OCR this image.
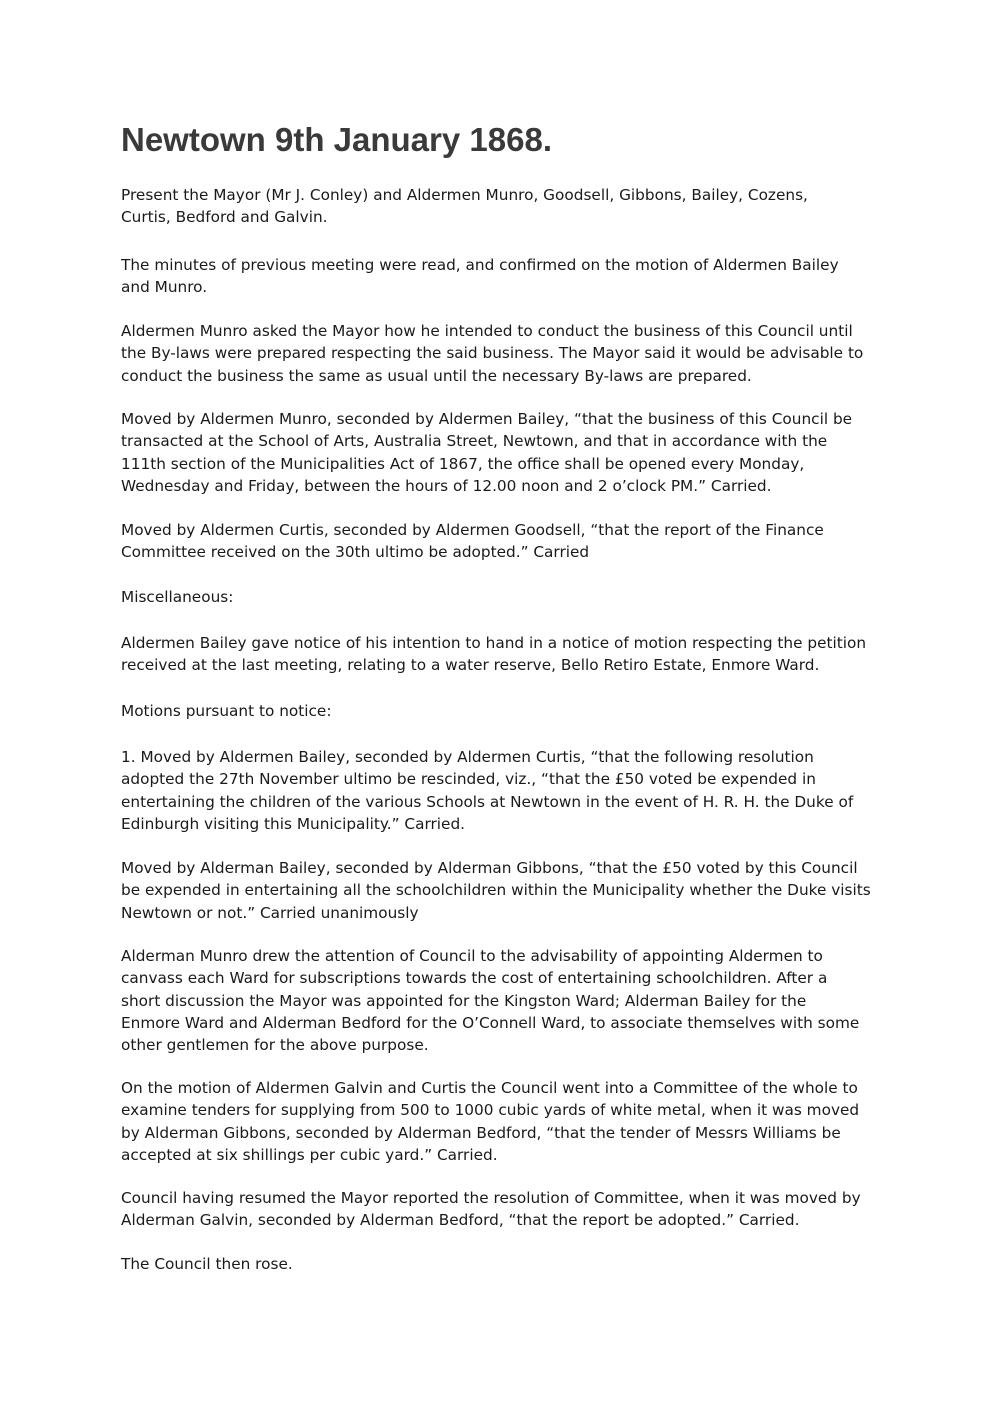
Newtown 9th January 1868.

Present the Mayor (Mr J. Conley) and Aldermen Munro, Goodsell, Gibbons, Bailey, Cozens,
Curtis, Bedford and Galvin.

The minutes of previous meeting were read, and confirmed on the motion of Aldermen Bailey
and Munro.

Aldermen Munro asked the Mayor how he intended to conduct the business of this Council until
the By-laws were prepared respecting the said business. The Mayor said it would be advisable to
conduct the business the same as usual until the necessary By-laws are prepared.

Moved by Aldermen Munro, seconded by Aldermen Bailey, “that the business of this Council be
transacted at the School of Arts, Australia Street, Newtown, and that in accordance with the
111th section of the Municipalities Act of 1867, the office shall be opened every Monday,
Wednesday and Friday, between the hours of 12.00 noon and 2 o’clock PM.” Carried.

Moved by Aldermen Curtis, seconded by Aldermen Goodsell, “that the report of the Finance
Committee received on the 30th ultimo be adopted.” Carried

Miscellaneous:

Aldermen Bailey gave notice of his intention to hand in a notice of motion respecting the petition
received at the last meeting, relating to a water reserve, Bello Retiro Estate, Enmore Ward.

Motions pursuant to notice:

1. Moved by Aldermen Bailey, seconded by Aldermen Curtis, “that the following resolution
adopted the 27th November ultimo be rescinded, viz., “that the £50 voted be expended in
entertaining the children of the various Schools at Newtown in the event of H. R. H. the Duke of
Edinburgh visiting this Municipality.” Carried.

Moved by Alderman Bailey, seconded by Alderman Gibbons, “that the £50 voted by this Council
be expended in entertaining all the schoolchildren within the Municipality whether the Duke visits
Newtown or not.” Carried unanimously

Alderman Munro drew the attention of Council to the advisability of appointing Aldermen to
canvass each Ward for subscriptions towards the cost of entertaining schoolchildren. After a
short discussion the Mayor was appointed for the Kingston Ward; Alderman Bailey for the
Enmore Ward and Alderman Bedford for the O’Connell Ward, to associate themselves with some
other gentlemen for the above purpose.

On the motion of Aldermen Galvin and Curtis the Council went into a Committee of the whole to
examine tenders for supplying from 500 to 1000 cubic yards of white metal, when it was moved
by Alderman Gibbons, seconded by Alderman Bedford, “that the tender of Messrs Williams be
accepted at six shillings per cubic yard.” Carried.

Council having resumed the Mayor reported the resolution of Committee, when it was moved by
Alderman Galvin, seconded by Alderman Bedford, “that the report be adopted.” Carried.

The Council then rose.
